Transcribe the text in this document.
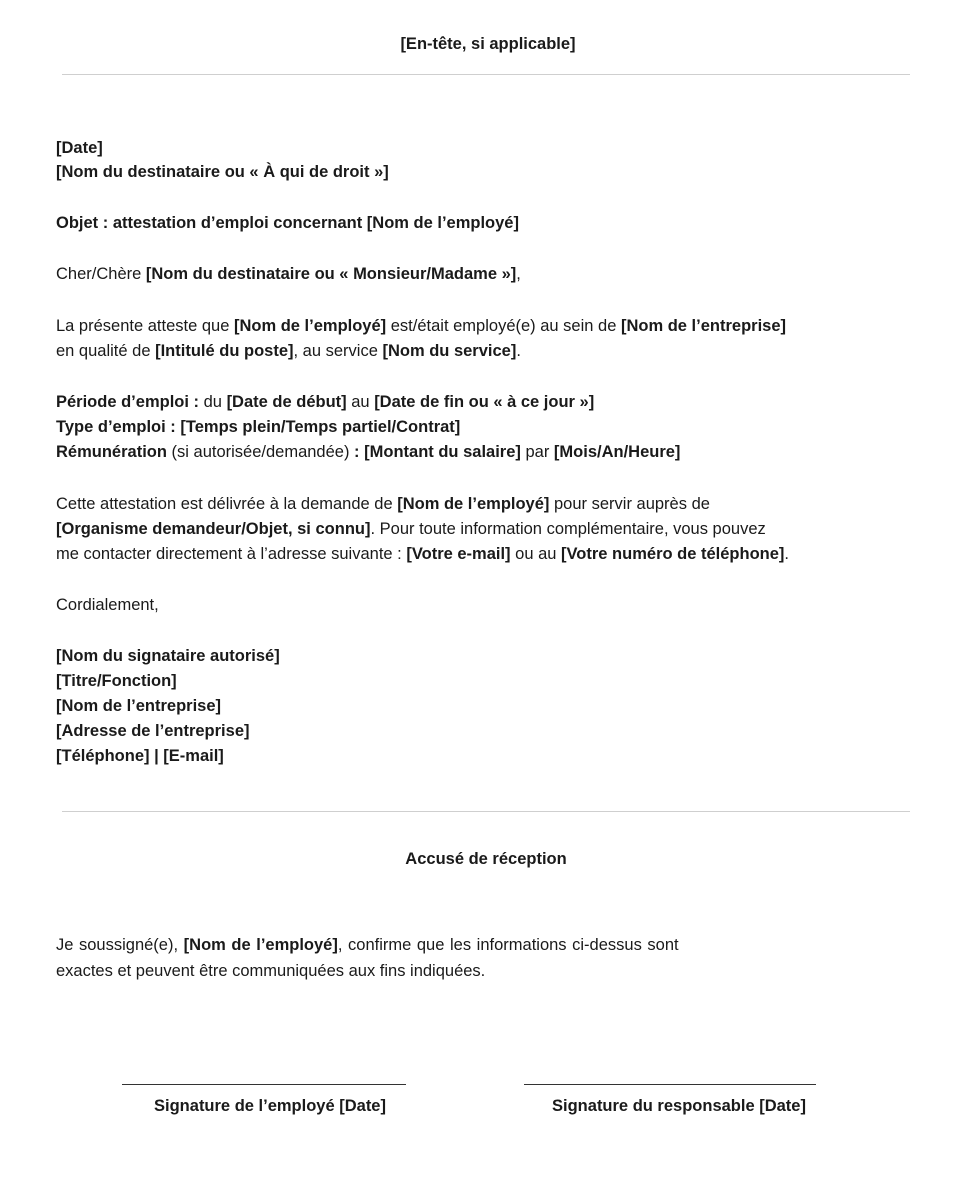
[En-tête, si applicable]
[Date]
[Nom du destinataire ou « À qui de droit »]
Objet : attestation d’emploi concernant [Nom de l’employé]
Cher/Chère [Nom du destinataire ou « Monsieur/Madame »],
La présente atteste que [Nom de l’employé] est/était employé(e) au sein de [Nom de l’entreprise]
en qualité de [Intitulé du poste], au service [Nom du service].
Période d’emploi : du [Date de début] au [Date de fin ou « à ce jour »]
Type d’emploi : [Temps plein/Temps partiel/Contrat]
Rémunération (si autorisée/demandée) : [Montant du salaire] par [Mois/An/Heure]
Cette attestation est délivrée à la demande de [Nom de l’employé] pour servir auprès de
[Organisme demandeur/Objet, si connu]. Pour toute information complémentaire, vous pouvez
me contacter directement à l’adresse suivante : [Votre e-mail] ou au [Votre numéro de téléphone].
Cordialement,
[Nom du signataire autorisé]
[Titre/Fonction]
[Nom de l’entreprise]
[Adresse de l’entreprise]
[Téléphone] | [E-mail]
Accusé de réception
Je soussigné(e), [Nom de l’employé], confirme que les informations ci-dessus sont
exactes et peuvent être communiquées aux fins indiquées.
Signature de l’employé [Date]	Signature du responsable [Date]
